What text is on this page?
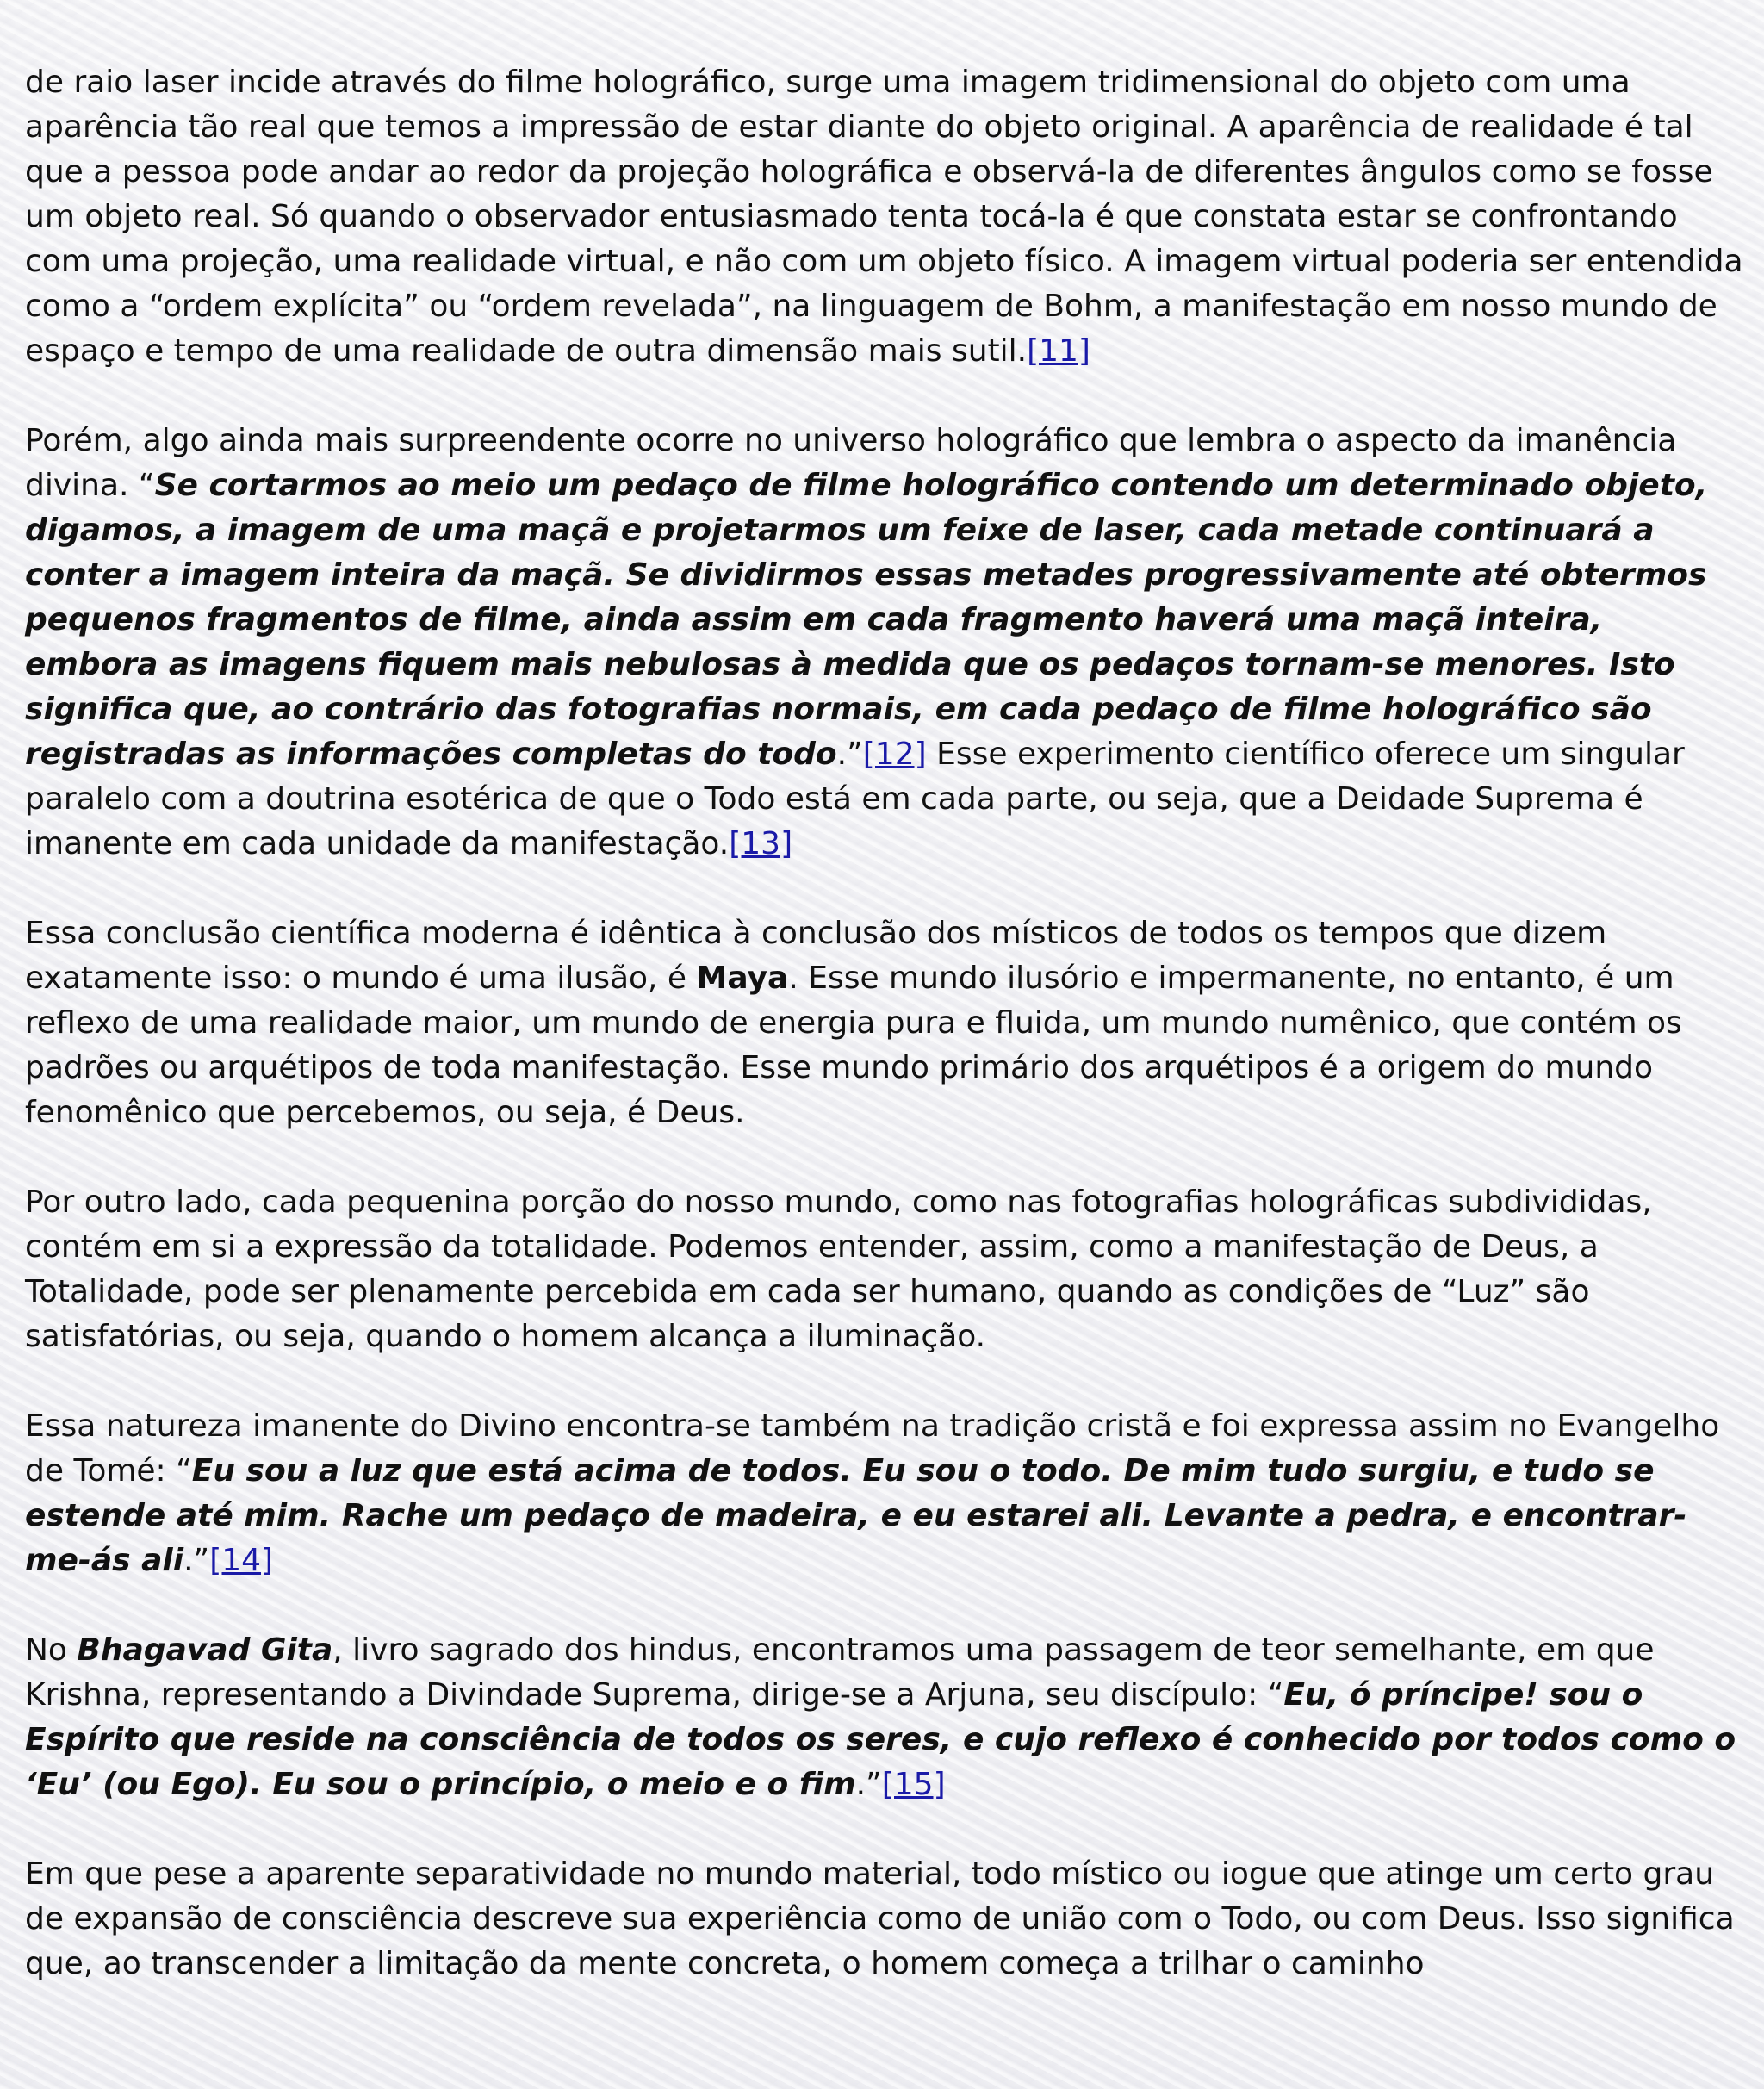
de raio laser incide através do filme holográfico, surge uma imagem tridimensional do objeto com uma aparência tão real que temos a impressão de estar diante do objeto original. A aparência de realidade é tal que a pessoa pode andar ao redor da projeção holográfica e observá-la de diferentes ângulos como se fosse um objeto real. Só quando o observador entusiasmado tenta tocá-la é que constata estar se confrontando com uma projeção, uma realidade virtual, e não com um objeto físico. A imagem virtual poderia ser entendida como a “ordem explícita” ou “ordem revelada”, na linguagem de Bohm, a manifestação em nosso mundo de espaço e tempo de uma realidade de outra dimensão mais sutil.[11]

Porém, algo ainda mais surpreendente ocorre no universo holográfico que lembra o aspecto da imanência divina. “Se cortarmos ao meio um pedaço de filme holográfico contendo um determinado objeto, digamos, a imagem de uma maçã e projetarmos um feixe de laser, cada metade continuará a conter a imagem inteira da maçã. Se dividirmos essas metades progressivamente até obtermos pequenos fragmentos de filme, ainda assim em cada fragmento haverá uma maçã inteira, embora as imagens fiquem mais nebulosas à medida que os pedaços tornam-se menores. Isto significa que, ao contrário das fotografias normais, em cada pedaço de filme holográfico são registradas as informações completas do todo.”[12] Esse experimento científico oferece um singular paralelo com a doutrina esotérica de que o Todo está em cada parte, ou seja, que a Deidade Suprema é imanente em cada unidade da manifestação.[13]

Essa conclusão científica moderna é idêntica à conclusão dos místicos de todos os tempos que dizem exatamente isso: o mundo é uma ilusão, é Maya. Esse mundo ilusório e impermanente, no entanto, é um reflexo de uma realidade maior, um mundo de energia pura e fluida, um mundo numênico, que contém os padrões ou arquétipos de toda manifestação. Esse mundo primário dos arquétipos é a origem do mundo fenomênico que percebemos, ou seja, é Deus.

Por outro lado, cada pequenina porção do nosso mundo, como nas fotografias holográficas subdivididas, contém em si a expressão da totalidade. Podemos entender, assim, como a manifestação de Deus, a Totalidade, pode ser plenamente percebida em cada ser humano, quando as condições de “Luz” são satisfatórias, ou seja, quando o homem alcança a iluminação.

Essa natureza imanente do Divino encontra-se também na tradição cristã e foi expressa assim no Evangelho de Tomé: “Eu sou a luz que está acima de todos. Eu sou o todo. De mim tudo surgiu, e tudo se estende até mim. Rache um pedaço de madeira, e eu estarei ali. Levante a pedra, e encontrar-me-ás ali.”[14]

No Bhagavad Gita, livro sagrado dos hindus, encontramos uma passagem de teor semelhante, em que Krishna, representando a Divindade Suprema, dirige-se a Arjuna, seu discípulo: “Eu, ó príncipe! sou o Espírito que reside na consciência de todos os seres, e cujo reflexo é conhecido por todos como o ‘Eu’ (ou Ego). Eu sou o princípio, o meio e o fim.”[15]

Em que pese a aparente separatividade no mundo material, todo místico ou iogue que atinge um certo grau de expansão de consciência descreve sua experiência como de união com o Todo, ou com Deus. Isso significa que, ao transcender a limitação da mente concreta, o homem começa a trilhar o caminho
